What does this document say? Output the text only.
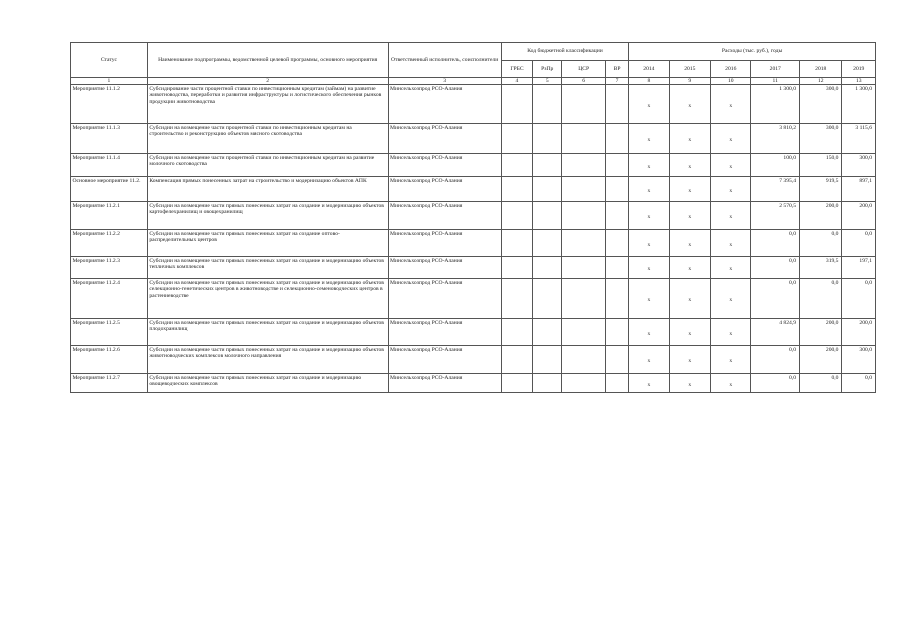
Статус	Наименование подпрограммы, ведомственной целевой программы, основного мероприятия	Ответственный исполнитель, соисполнители	Код бюджетной классификации				Расходы (тыс. руб.), годы					
			ГРБС	РзПр	ЦСР	ВР	2014	2015	2016	2017	2018	2019
1	2	3	4	5	6	7	8	9	10	11	12	13
Мероприятие 11.1.2	Субсидирование части процентной ставки по инвестиционным кредитам (займам) на развитие животноводства, переработки и развития инфраструктуры и логистического обеспечения рынков продукции животноводства	Минсельхозпрод РСО-Алания					х	х	х	1 300,0	300,0	1 300,0
Мероприятие 11.1.3	Субсидии на возмещение части процентной ставки по инвестиционным кредитам на строительство и реконструкцию объектов мясного скотоводства	Минсельхозпрод РСО-Алания					х	х	х	3 810,2	300,0	3 115,6
Мероприятие 11.1.4	Субсидии на возмещение части процентной ставки по инвестиционным кредитам на развитие молочного скотоводства	Минсельхозпрод РСО-Алания					х	х	х	100,0	150,0	300,0
Основное мероприятие 11.2.	Компенсация прямых понесенных затрат на строительство и модернизацию объектов АПК	Минсельхозпрод РСО-Алания					х	х	х	7 395,4	919,5	897,1
Мероприятие 11.2.1	Субсидии на возмещение части прямых понесенных затрат на создание и модернизацию объектов картофелехранилищ и овощехранилищ	Минсельхозпрод РСО-Алания					х	х	х	2 570,5	200,0	200,0
Мероприятие 11.2.2	Субсидии на возмещение части прямых понесенных затрат на создание оптово-распределительных центров	Минсельхозпрод РСО-Алания					х	х	х	0,0	0,0	0,0
Мероприятие 11.2.3	Субсидии на возмещение части прямых понесенных затрат на создание и модернизацию объектов тепличных комплексов	Минсельхозпрод РСО-Алания					х	х	х	0,0	319,5	197,1
Мероприятие 11.2.4	Субсидии на возмещение части прямых понесенных затрат на создание и модернизацию объектов селекционно-генетических центров в животноводстве и селекционно-семеноводческих центров в растениеводстве	Минсельхозпрод РСО-Алания					х	х	х	0,0	0,0	0,0
Мероприятие 11.2.5	Субсидии на возмещение части прямых понесенных затрат на создание и модернизацию объектов плодохранилищ	Минсельхозпрод РСО-Алания					х	х	х	4 824,9	200,0	200,0
Мероприятие 11.2.6	Субсидии на возмещение части прямых понесенных затрат на создание и модернизацию объектов животноводческих комплексов молочного направления	Минсельхозпрод РСО-Алания					х	х	х	0,0	200,0	300,0
Мероприятие 11.2.7	Субсидии на возмещение части прямых понесенных затрат на создание и модернизацию овощеводческих комплексов	Минсельхозпрод РСО-Алания					х	х	х	0,0	0,0	0,0
